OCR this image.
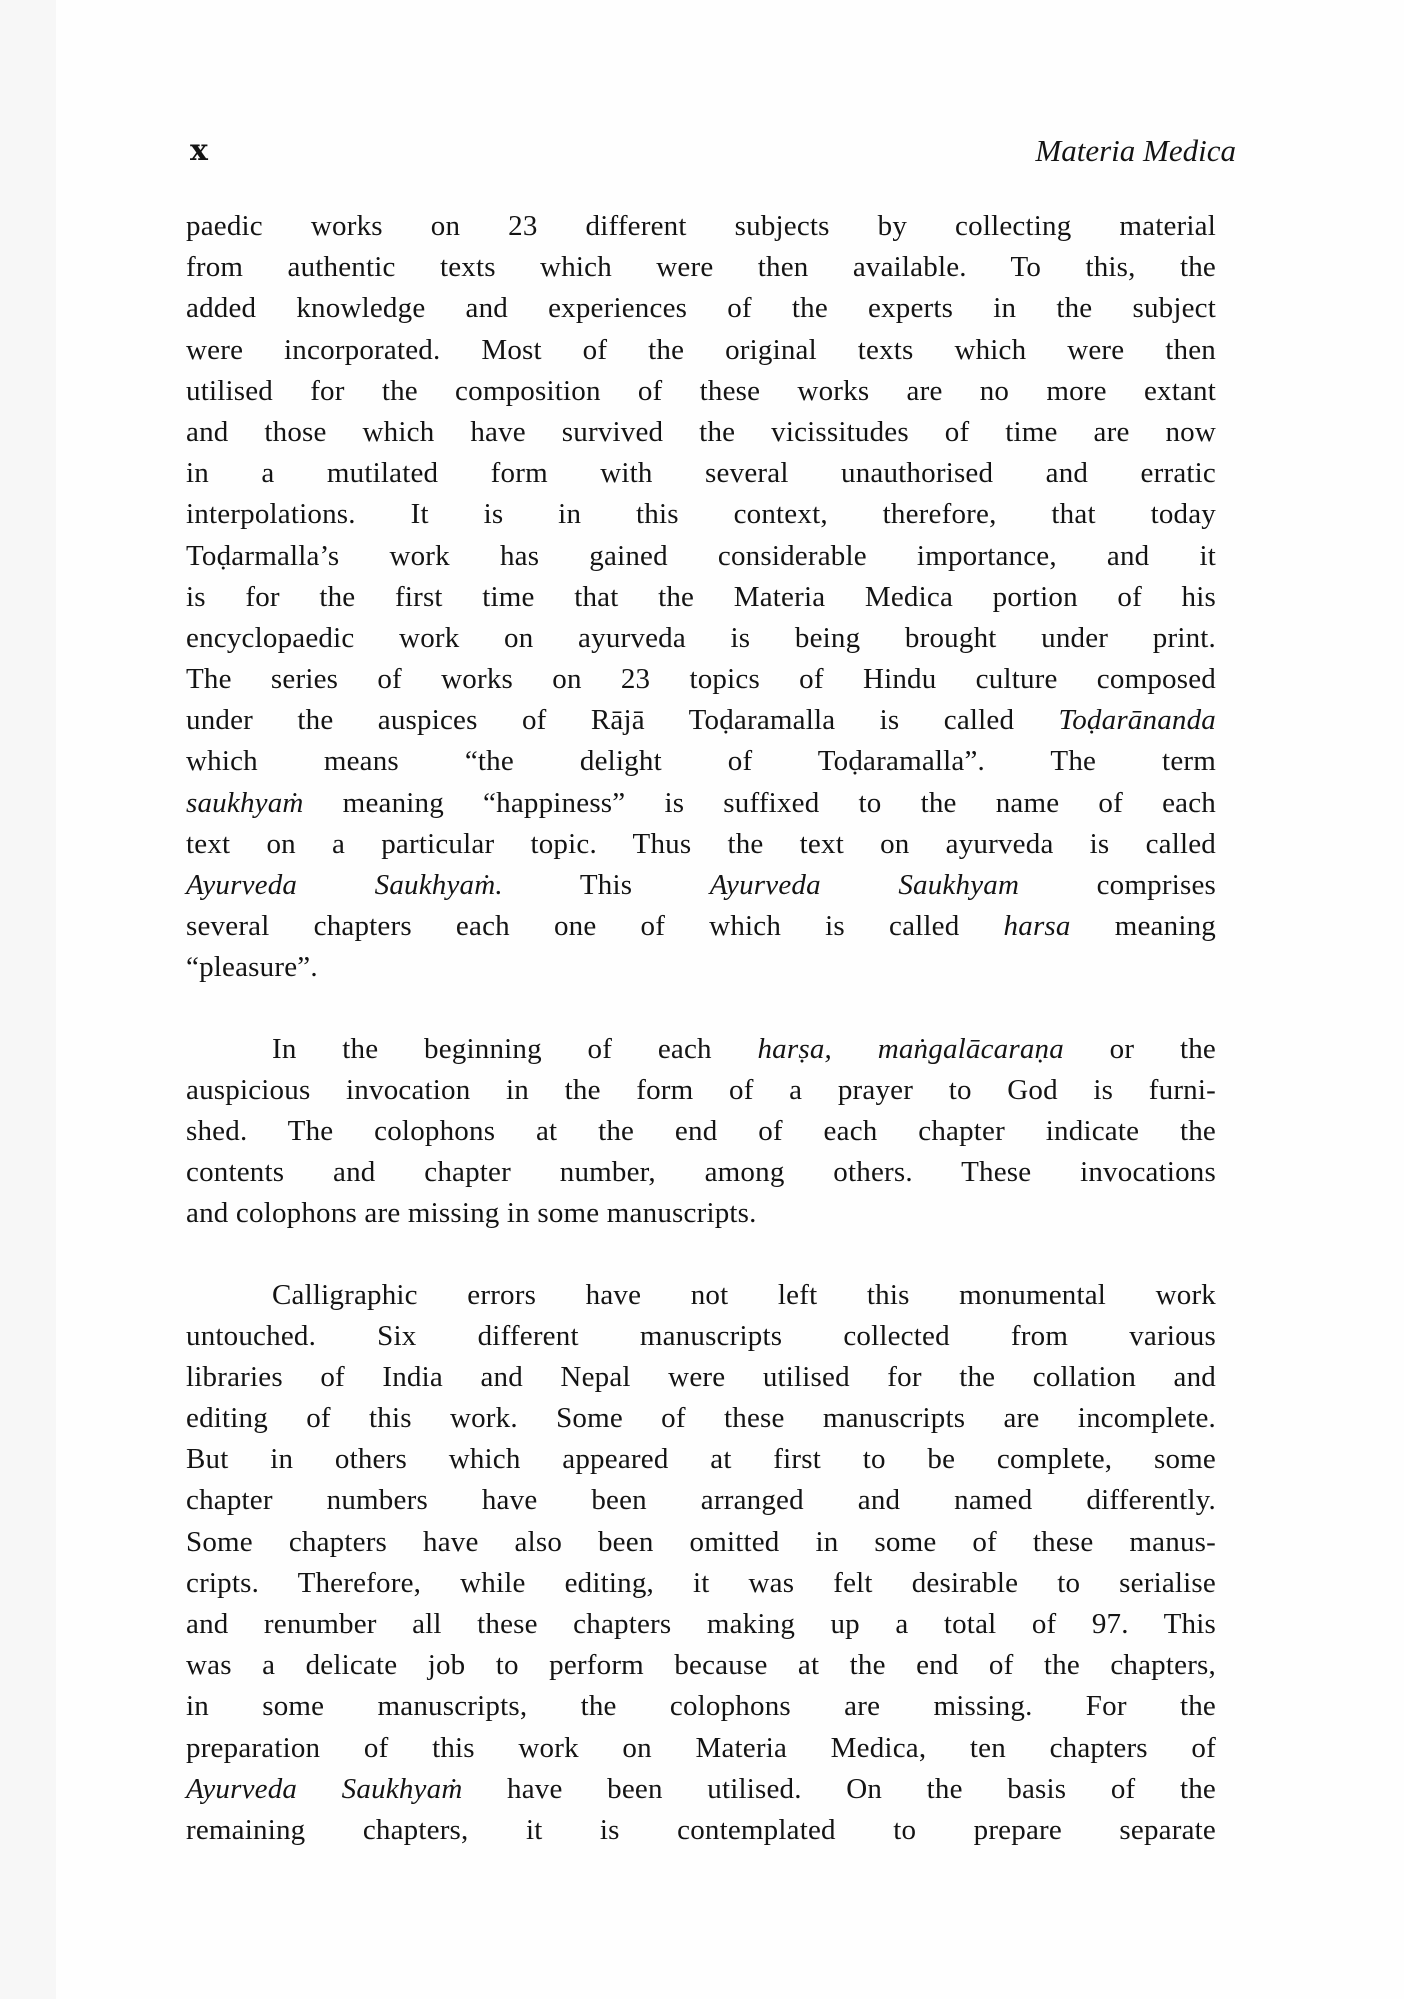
x	Materia Medica
paedic works on 23 different subjects by collecting material
from authentic texts which were then available. To this, the
added knowledge and experiences of the experts in the subject
were incorporated. Most of the original texts which were then
utilised for the composition of these works are no more extant
and those which have survived the vicissitudes of time are now
in a mutilated form with several unauthorised and erratic
interpolations. It is in this context, therefore, that today
Toḍarmalla’s work has gained considerable importance, and it
is for the first time that the Materia Medica portion of his
encyclopaedic work on ayurveda is being brought under print.
The series of works on 23 topics of Hindu culture composed
under the auspices of Rājā Toḍaramalla is called Toḍarānanda
which means “the delight of Toḍaramalla”. The term
saukhyaṁ meaning “happiness” is suffixed to the name of each
text on a particular topic. Thus the text on ayurveda is called
Ayurveda Saukhyaṁ. This Ayurveda Saukhyam comprises
several chapters each one of which is called harsa meaning
“pleasure”.
In the beginning of each harṣa, maṅgalācaraṇa or the
auspicious invocation in the form of a prayer to God is furni-
shed. The colophons at the end of each chapter indicate the
contents and chapter number, among others. These invocations
and colophons are missing in some manuscripts.
Calligraphic errors have not left this monumental work
untouched. Six different manuscripts collected from various
libraries of India and Nepal were utilised for the collation and
editing of this work. Some of these manuscripts are incomplete.
But in others which appeared at first to be complete, some
chapter numbers have been arranged and named differently.
Some chapters have also been omitted in some of these manus-
cripts. Therefore, while editing, it was felt desirable to serialise
and renumber all these chapters making up a total of 97. This
was a delicate job to perform because at the end of the chapters,
in some manuscripts, the colophons are missing. For the
preparation of this work on Materia Medica, ten chapters of
Ayurveda Saukhyaṁ have been utilised. On the basis of the
remaining chapters, it is contemplated to prepare separate
